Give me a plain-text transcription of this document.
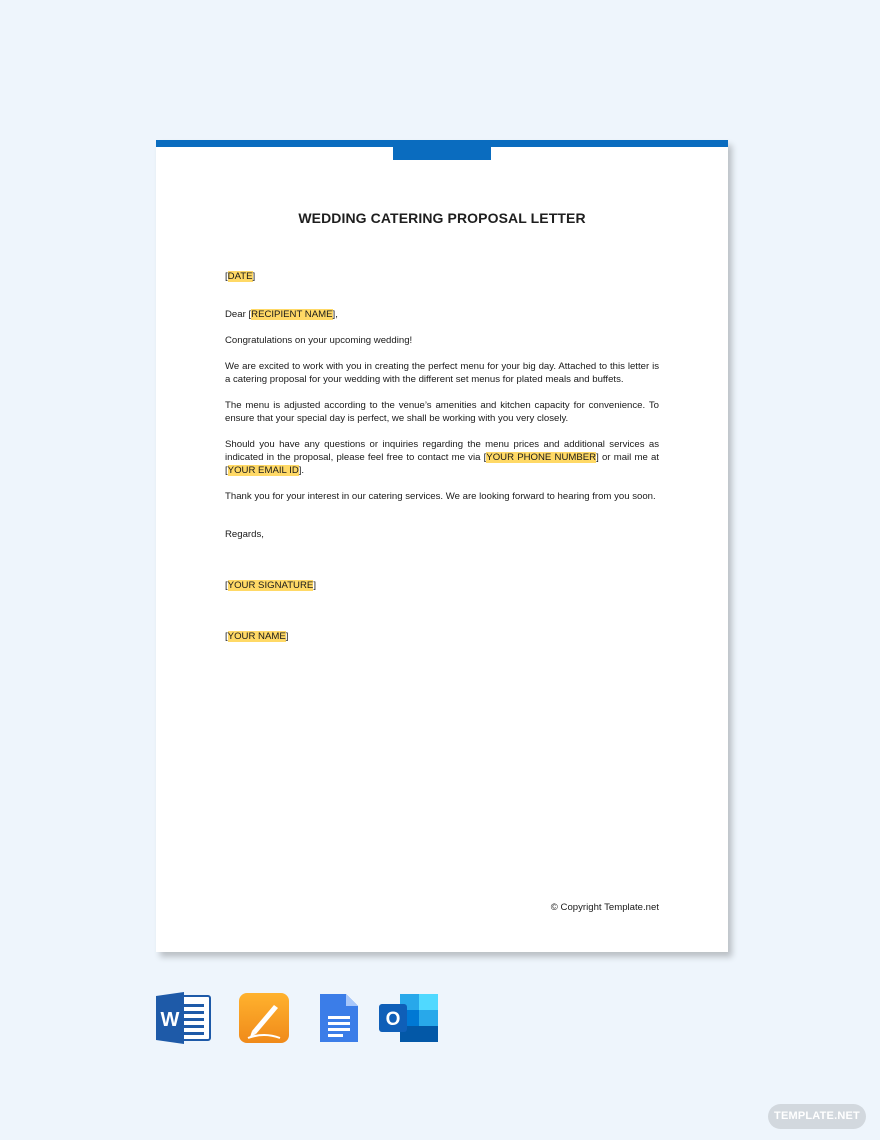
WEDDING CATERING PROPOSAL LETTER

[DATE]

Dear [RECIPIENT NAME],

Congratulations on your upcoming wedding!

We are excited to work with you in creating the perfect menu for your big day. Attached to this letter is a catering proposal for your wedding with the different set menus for plated meals and buffets.

The menu is adjusted according to the venue’s amenities and kitchen capacity for convenience. To ensure that your special day is perfect, we shall be working with you very closely.

Should you have any questions or inquiries regarding the menu prices and additional services as indicated in the proposal, please feel free to contact me via [YOUR PHONE NUMBER] or mail me at [YOUR EMAIL ID].

Thank you for your interest in our catering services. We are looking forward to hearing from you soon.

Regards,

[YOUR SIGNATURE]

[YOUR NAME]

© Copyright Template.net
W	O
TEMPLATE.NET
